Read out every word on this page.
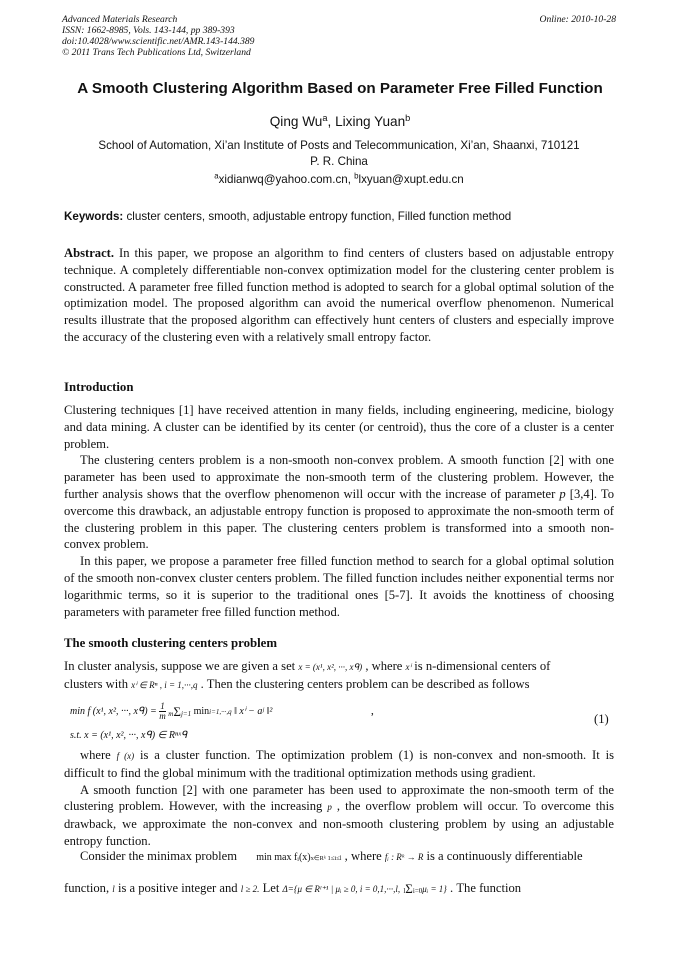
Advanced Materials Research
ISSN: 1662-8985, Vols. 143-144, pp 389-393
doi:10.4028/www.scientific.net/AMR.143-144.389
© 2011 Trans Tech Publications Ltd, Switzerland
Online: 2010-10-28
A Smooth Clustering Algorithm Based on Parameter Free Filled Function
Qing Wu$^a$, Lixing Yuan$^b$
School of Automation, Xi’an Institute of Posts and Telecommunication, Xi’an, Shaanxi, 710121
P. R. China
$^a$xidianwq@yahoo.com.cn, $^b$lxyuan@xupt.edu.cn
Keywords: cluster centers, smooth, adjustable entropy function, Filled function method
Abstract. In this paper, we propose an algorithm to find centers of clusters based on adjustable entropy technique. A completely differentiable non-convex optimization model for the clustering center problem is constructed. A parameter free filled function method is adopted to search for a global optimal solution of the optimization model. The proposed algorithm can avoid the numerical overflow phenomenon. Numerical results illustrate that the proposed algorithm can effectively hunt centers of clusters and especially improve the accuracy of the clustering even with a relatively small entropy factor.
Introduction
Clustering techniques [1] have received attention in many fields, including engineering, medicine, biology and data mining. A cluster can be identified by its center (or centroid), thus the core of a cluster is a center problem.
The clustering centers problem is a non-smooth non-convex problem. A smooth function [2] with one parameter has been used to approximate the non-smooth term of the clustering problem. However, the further analysis shows that the overflow phenomenon will occur with the increase of parameter p [3,4]. To overcome this drawback, an adjustable entropy function is proposed to approximate the non-smooth term of the clustering problem in this paper. The clustering centers problem is transformed into a smooth non-convex problem.
In this paper, we propose a parameter free filled function method to search for a global optimal solution of the smooth non-convex cluster centers problem. The filled function includes neither exponential terms nor logarithmic terms, so it is superior to the traditional ones [5-7]. It avoids the knottiness of choosing parameters with parameter free filled function method.
The smooth clustering centers problem
In cluster analysis, suppose we are given a set x = (x¹, x², ···, xᑫ) , where xⁱ is n-dimensional centers of
clusters with xⁱ ∈ Rⁿ , i = 1,···,q . Then the clustering centers problem can be described as follows
min f (x¹, x², ···, xᑫ) = $\frac{1}{m} m\Sigma j=1$ mini=1,···,q ‖ xⁱ − aʲ ‖²	,
(1)
s.t. x = (x¹, x², ···, xᑫ) ∈ Rⁿˣᑫ
where f (x) is a cluster function. The optimization problem (1) is non-convex and non-smooth. It is difficult to find the global minimum with the traditional optimization methods using gradient.
A smooth function [2] with one parameter has been used to approximate the non-smooth term of the clustering problem. However, with the increasing p , the overflow problem will occur. To overcome this drawback, we approximate the non-convex and non-smooth clustering problem by using an adjustable entropy function.
Consider the minimax problem min max fᵢ(x)x∈Rᵏ 1≤i≤l , where fᵢ : Rᵏ → R is a continuously differentiable
function, l is a positive integer and l ≥ 2. Let Δ={μ ∈ Rˡ⁺¹ | μᵢ ≥ 0, i = 0,1,···,l, lΣi=0μᵢ = 1} . The function
